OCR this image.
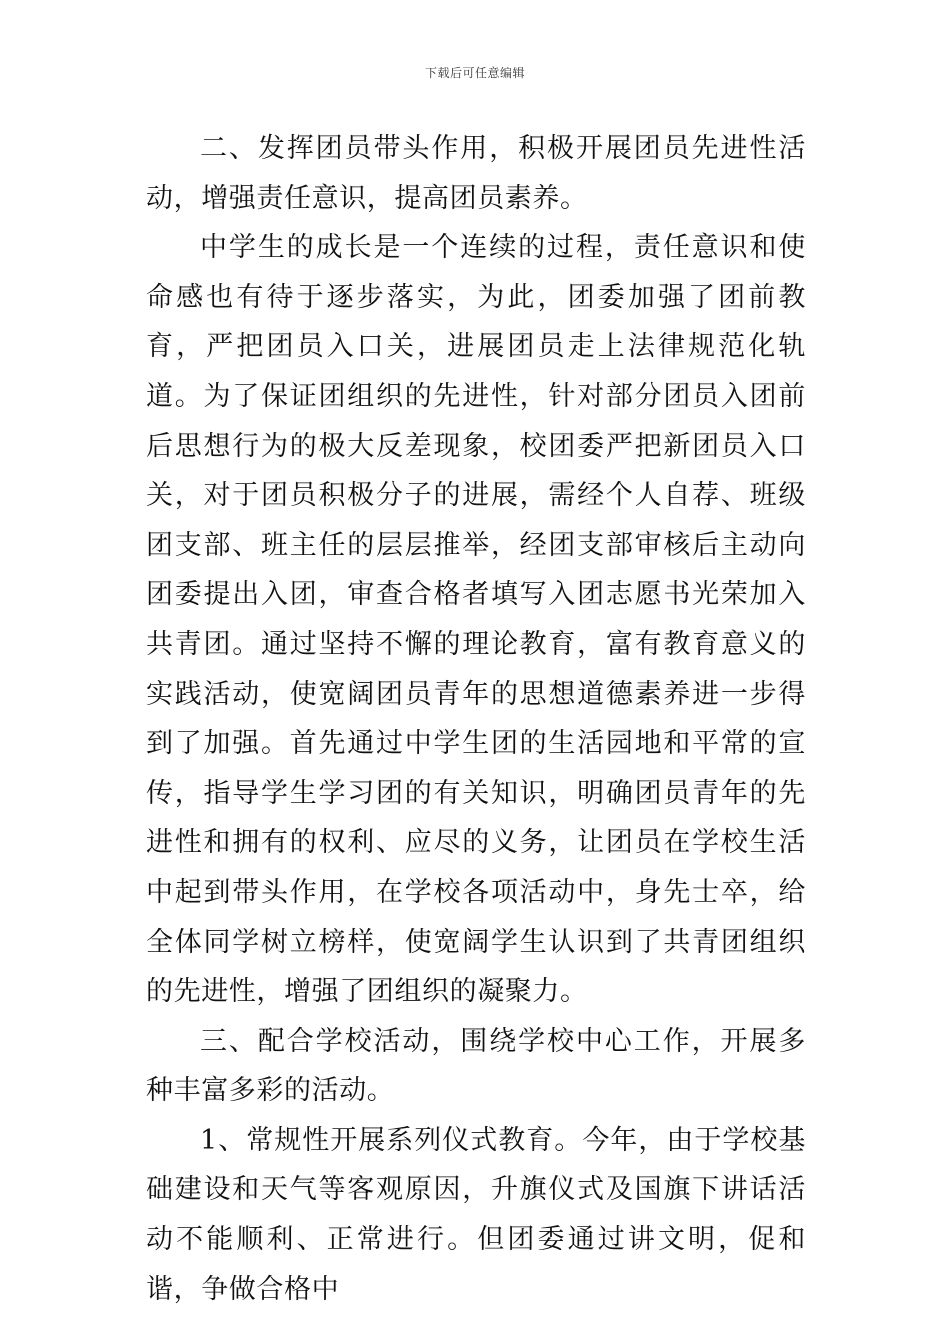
下载后可任意编辑

二、发挥团员带头作用，积极开展团员先进性活动，增强责任意识，提高团员素养。

中学生的成长是一个连续的过程，责任意识和使命感也有待于逐步落实，为此，团委加强了团前教育，严把团员入口关，进展团员走上法律规范化轨道。为了保证团组织的先进性，针对部分团员入团前后思想行为的极大反差现象，校团委严把新团员入口关，对于团员积极分子的进展，需经个人自荐、班级团支部、班主任的层层推举，经团支部审核后主动向团委提出入团，审查合格者填写入团志愿书光荣加入共青团。通过坚持不懈的理论教育，富有教育意义的实践活动，使宽阔团员青年的思想道德素养进一步得到了加强。首先通过中学生团的生活园地和平常的宣传，指导学生学习团的有关知识，明确团员青年的先进性和拥有的权利、应尽的义务，让团员在学校生活中起到带头作用，在学校各项活动中，身先士卒，给全体同学树立榜样，使宽阔学生认识到了共青团组织的先进性，增强了团组织的凝聚力。

三、配合学校活动，围绕学校中心工作，开展多种丰富多彩的活动。

1、常规性开展系列仪式教育。今年，由于学校基础建设和天气等客观原因，升旗仪式及国旗下讲话活动不能顺利、正常进行。但团委通过讲文明，促和谐，争做合格中
